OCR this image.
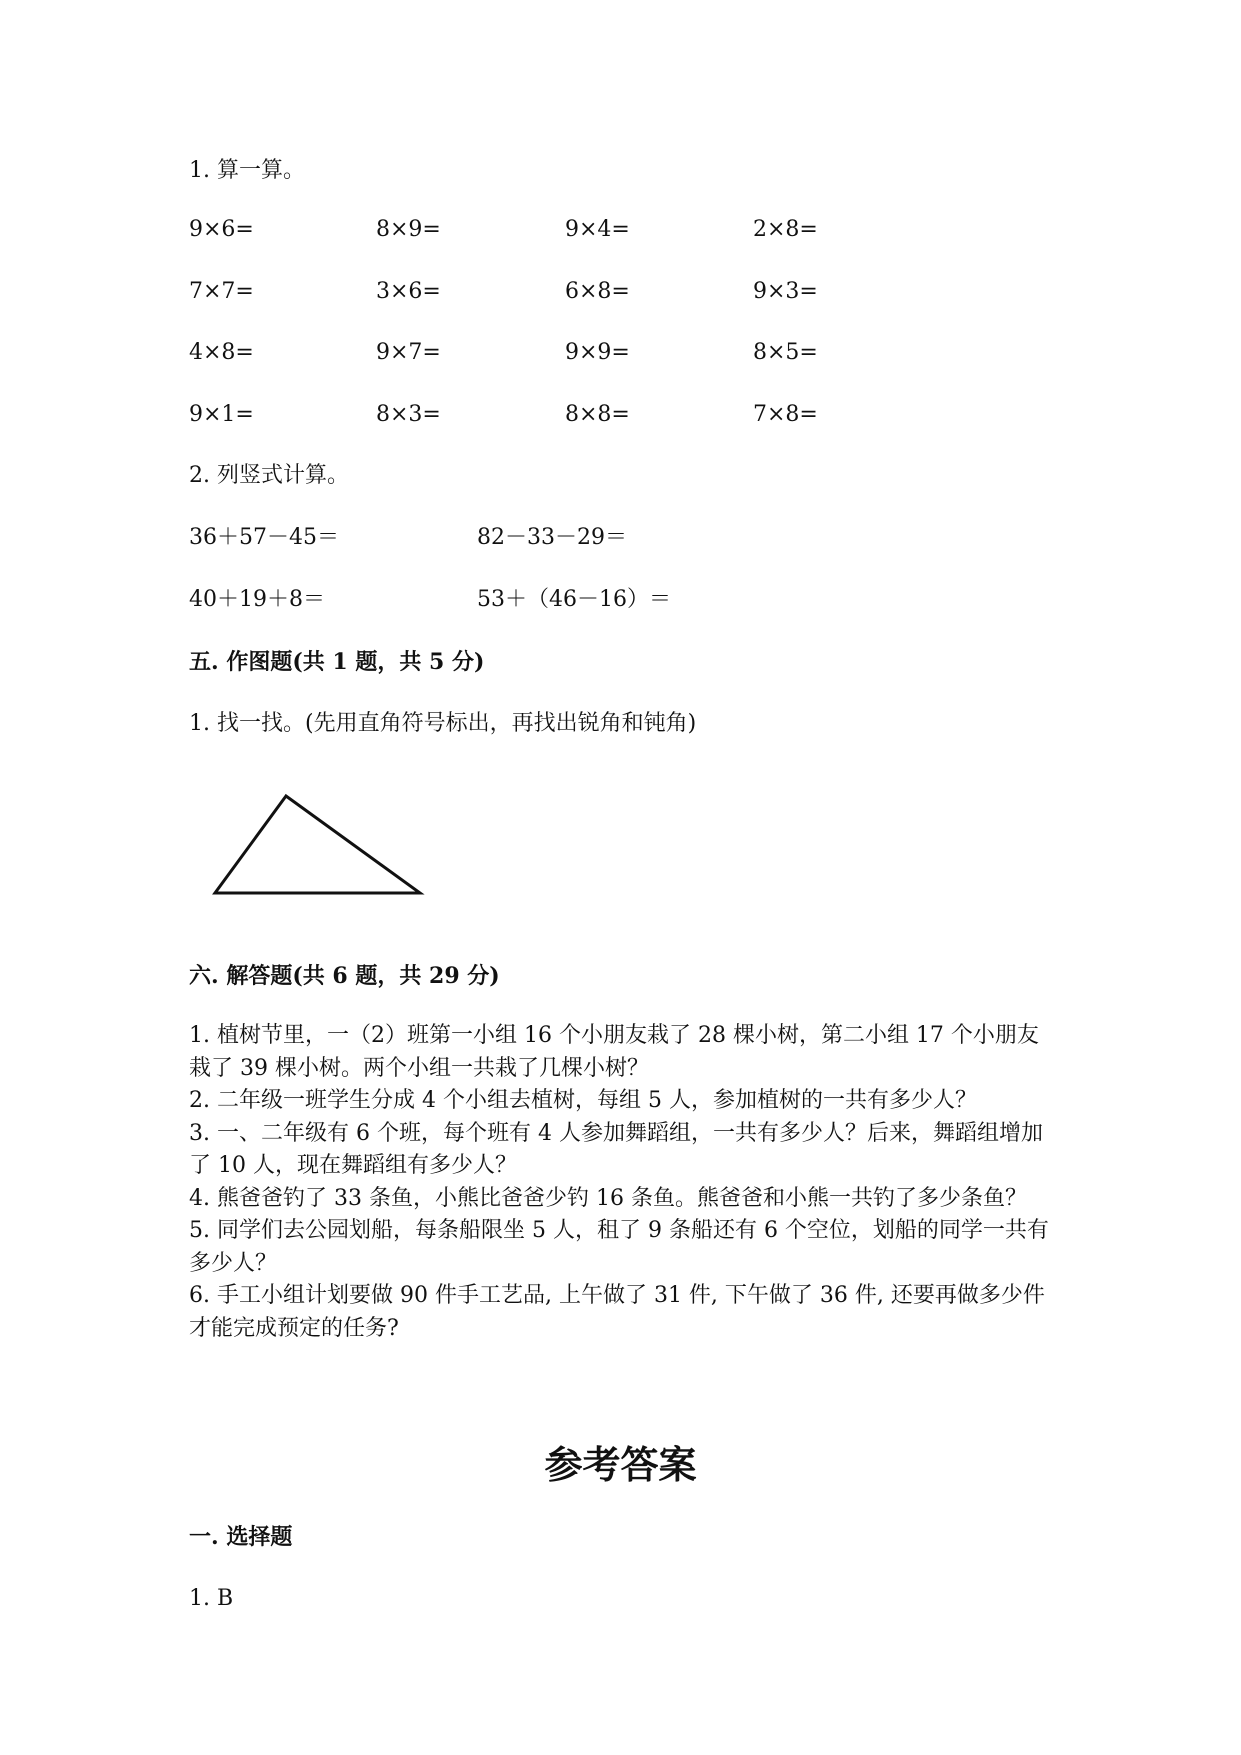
1. 算一算。
9×6=	8×9=	9×4=	2×8=
7×7=	3×6=	6×8=	9×3=
4×8=	9×7=	9×9=	8×5=
9×1=	8×3=	8×8=	7×8=
2. 列竖式计算。
36＋57－45＝	82－33－29＝
40＋19＋8＝	53＋（46－16）＝
五. 作图题(共 1 题，共 5 分)
1. 找一找。(先用直角符号标出，再找出锐角和钝角)
六. 解答题(共 6 题，共 29 分)

1. 植树节里，一（2）班第一小组 16 个小朋友栽了 28 棵小树，第二小组 17 个小朋友栽了 39 棵小树。两个小组一共栽了几棵小树？

2. 二年级一班学生分成 4 个小组去植树，每组 5 人，参加植树的一共有多少人？

3. 一、二年级有 6 个班，每个班有 4 人参加舞蹈组，一共有多少人？后来，舞蹈组增加了 10 人，现在舞蹈组有多少人？

4. 熊爸爸钓了 33 条鱼，小熊比爸爸少钓 16 条鱼。熊爸爸和小熊一共钓了多少条鱼？

5. 同学们去公园划船，每条船限坐 5 人，租了 9 条船还有 6 个空位，划船的同学一共有多少人？

6. 手工小组计划要做 90 件手工艺品, 上午做了 31 件, 下午做了 36 件, 还要再做多少件才能完成预定的任务?

参考答案
一. 选择题
1. B
